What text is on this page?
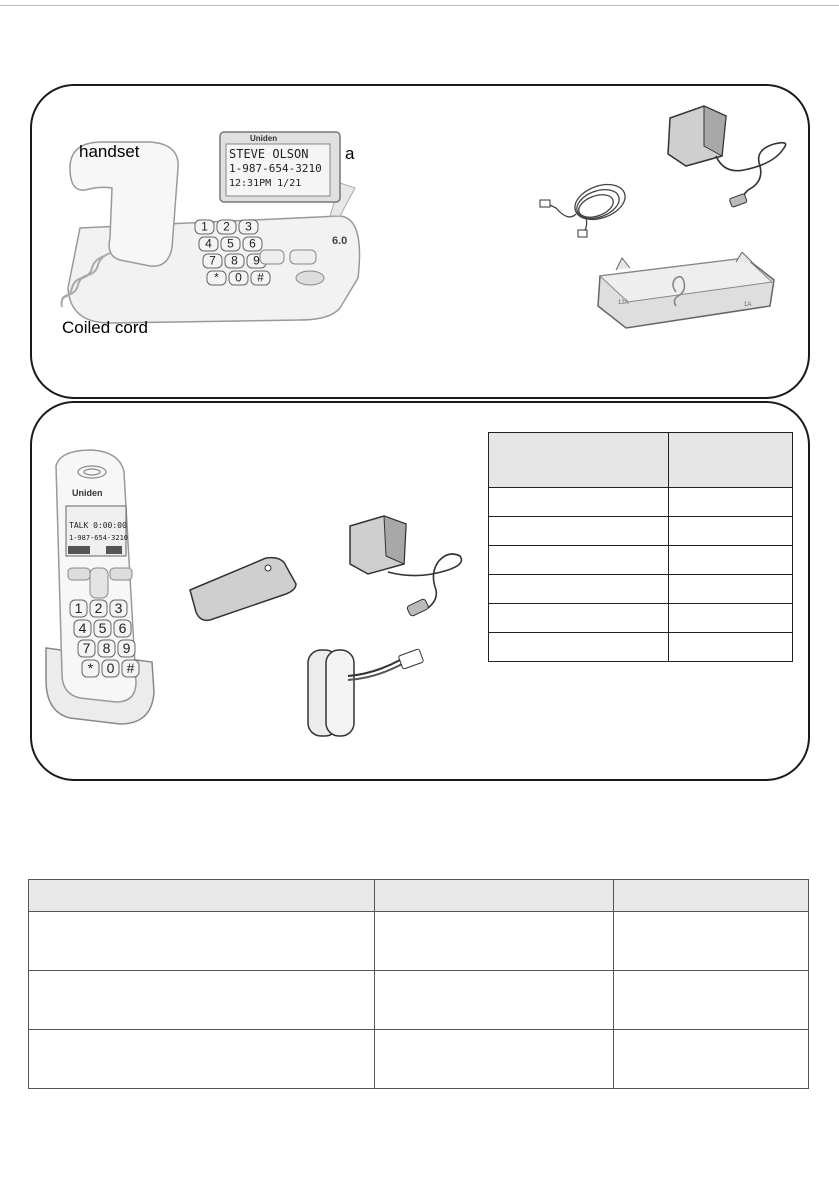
Uniden
STEVE OLSON
1-987-654-3210
12:31PM 1/21
6.0
1 2 3
4 5 6
7 8 9
* 0 #
handset	a
Coiled cord
12A	1A
Uniden
TALK 0:00:00
1-987-654-3210
1 2 3
4 5 6
7 8 9
* 0 #
